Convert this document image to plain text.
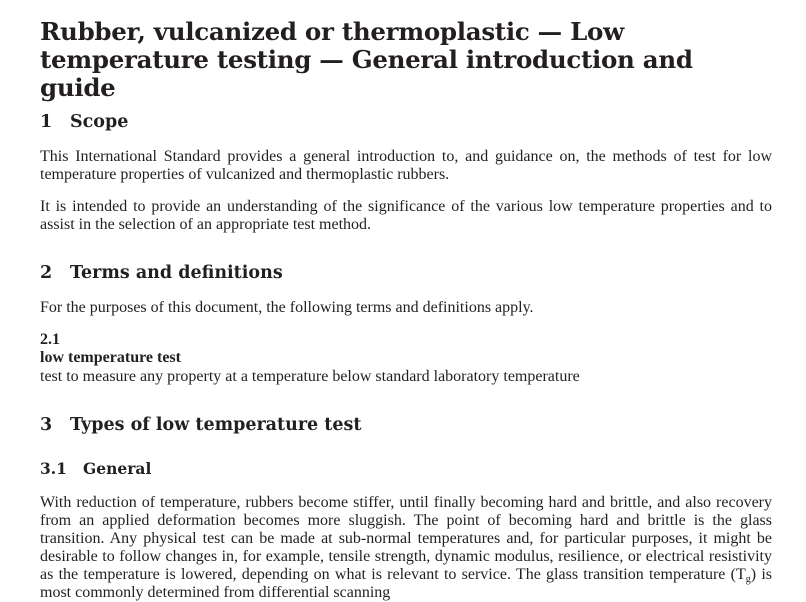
Rubber, vulcanized or thermoplastic — Low temperature testing — General introduction and guide
1 Scope

This International Standard provides a general introduction to, and guidance on, the methods of test for low temperature properties of vulcanized and thermoplastic rubbers.

It is intended to provide an understanding of the significance of the various low temperature properties and to assist in the selection of an appropriate test method.

2 Terms and definitions

For the purposes of this document, the following terms and definitions apply.

2.1
low temperature test
test to measure any property at a temperature below standard laboratory temperature
3 Types of low temperature test
3.1 General

With reduction of temperature, rubbers become stiffer, until finally becoming hard and brittle, and also recovery from an applied deformation becomes more sluggish. The point of becoming hard and brittle is the glass transition. Any physical test can be made at sub-normal temperatures and, for particular purposes, it might be desirable to follow changes in, for example, tensile strength, dynamic modulus, resilience, or electrical resistivity as the temperature is lowered, depending on what is relevant to service. The glass transition temperature $(T_g)$ is most commonly determined from differential scanning
